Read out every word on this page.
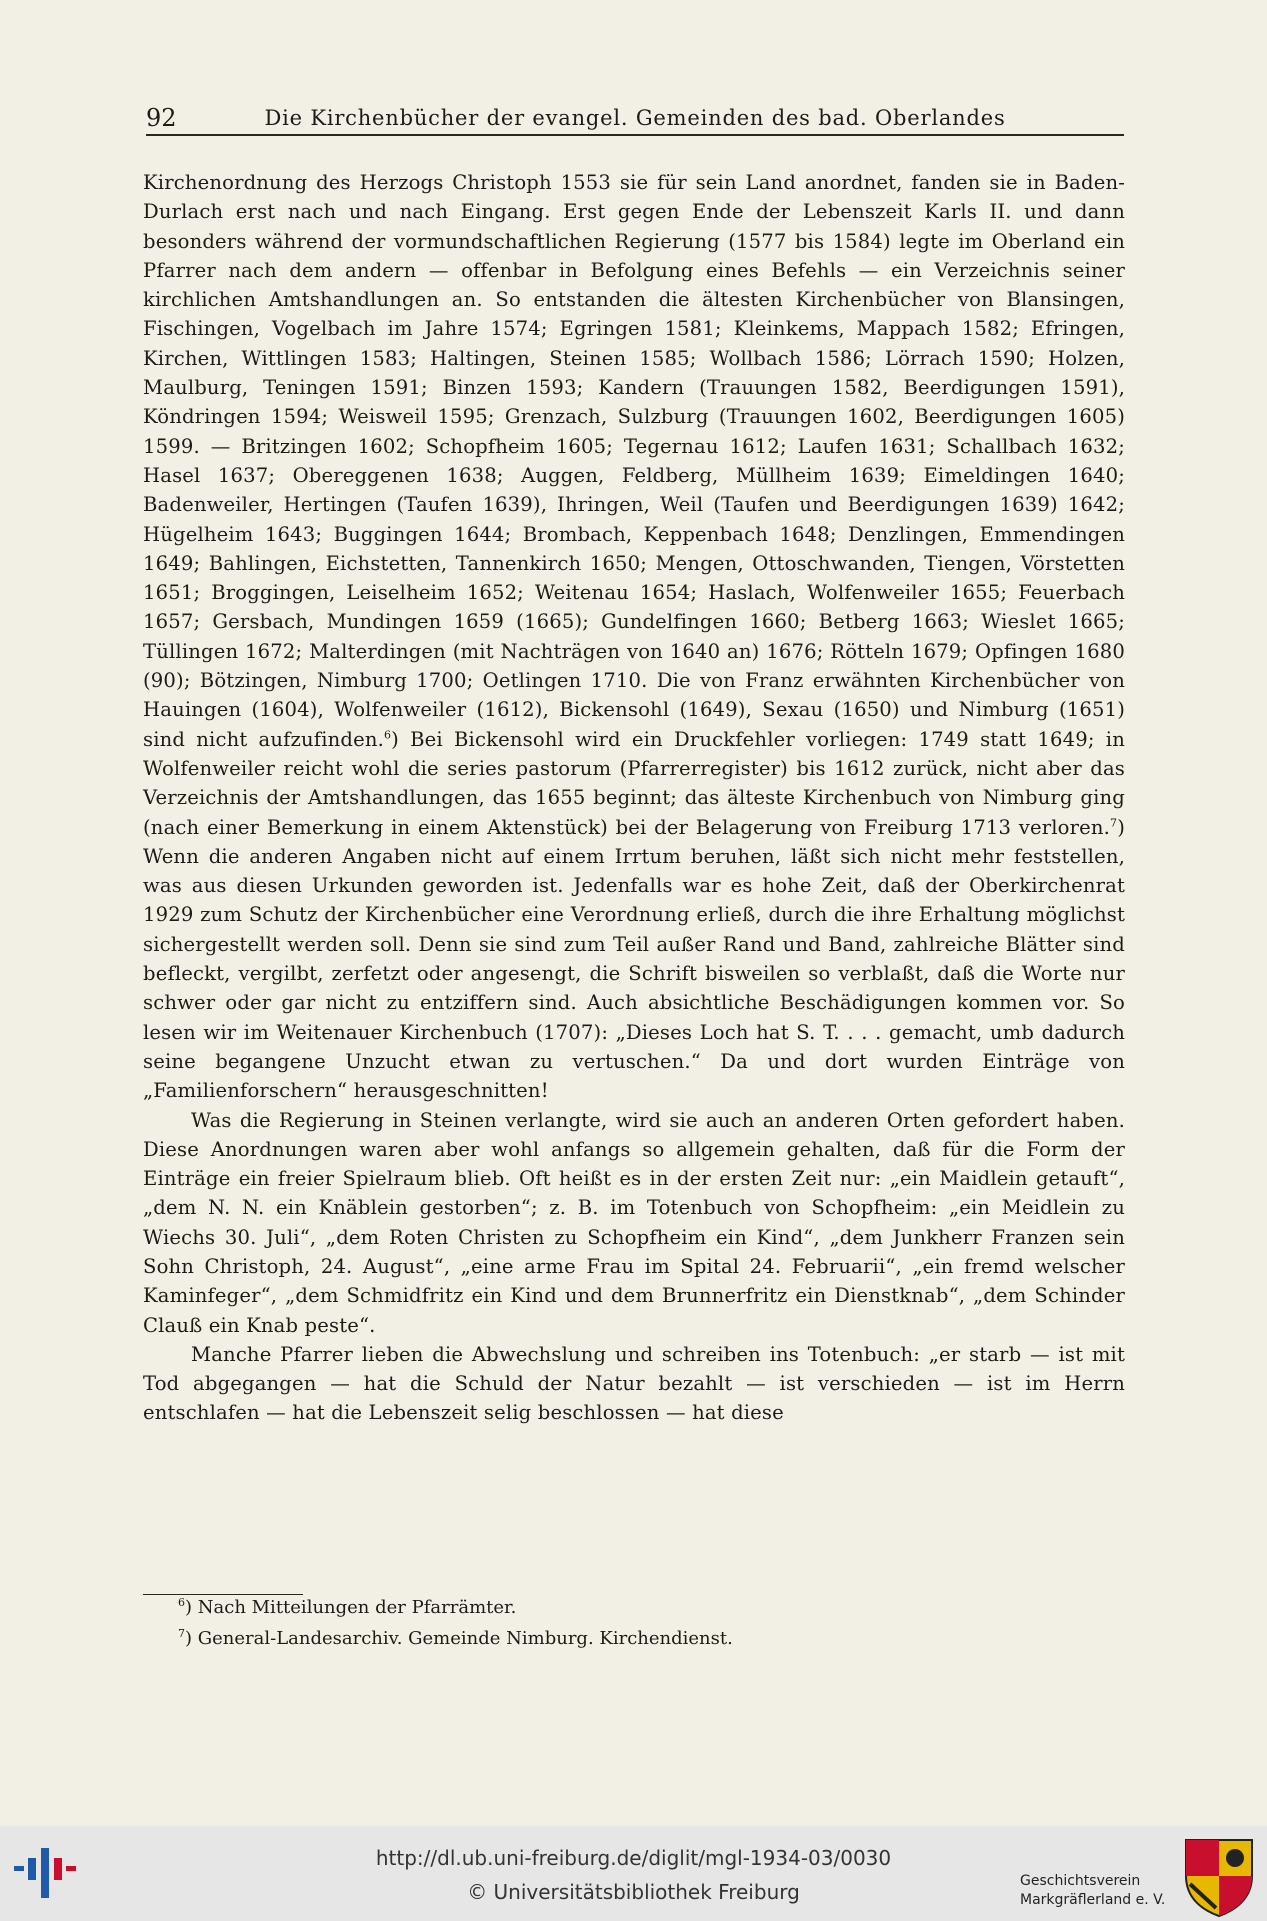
92	Die Kirchenbücher der evangel. Gemeinden des bad. Oberlandes

Kirchenordnung des Herzogs Christoph 1553 sie für sein Land anordnet, fanden sie in Baden-Durlach erst nach und nach Eingang. Erst gegen Ende der Lebenszeit Karls II. und dann besonders während der vormundschaftlichen Regierung (1577 bis 1584) legte im Oberland ein Pfarrer nach dem andern — offenbar in Befolgung eines Befehls — ein Verzeichnis seiner kirchlichen Amtshandlungen an. So entstanden die ältesten Kirchenbücher von Blansingen, Fischingen, Vogelbach im Jahre 1574; Egringen 1581; Kleinkems, Mappach 1582; Efringen, Kirchen, Wittlingen 1583; Haltingen, Steinen 1585; Wollbach 1586; Lörrach 1590; Holzen, Maulburg, Teningen 1591; Binzen 1593; Kandern (Trauungen 1582, Beerdigungen 1591), Köndringen 1594; Weisweil 1595; Grenzach, Sulzburg (Trauungen 1602, Beerdigungen 1605) 1599. — Britzingen 1602; Schopfheim 1605; Tegernau 1612; Laufen 1631; Schallbach 1632; Hasel 1637; Obereggenen 1638; Auggen, Feldberg, Müllheim 1639; Eimeldingen 1640; Badenweiler, Hertingen (Taufen 1639), Ihringen, Weil (Taufen und Beerdigungen 1639) 1642; Hügelheim 1643; Buggingen 1644; Brombach, Keppenbach 1648; Denzlingen, Emmendingen 1649; Bahlingen, Eichstetten, Tannenkirch 1650; Mengen, Ottoschwanden, Tiengen, Vörstetten 1651; Broggingen, Leiselheim 1652; Weitenau 1654; Haslach, Wolfenweiler 1655; Feuerbach 1657; Gersbach, Mundingen 1659 (1665); Gundelfingen 1660; Betberg 1663; Wieslet 1665; Tüllingen 1672; Malterdingen (mit Nachträgen von 1640 an) 1676; Rötteln 1679; Opfingen 1680 (90); Bötzingen, Nimburg 1700; Oetlingen 1710. Die von Franz erwähnten Kirchenbücher von Hauingen (1604), Wolfenweiler (1612), Bickensohl (1649), Sexau (1650) und Nimburg (1651) sind nicht aufzufinden.$^6$) Bei Bickensohl wird ein Druckfehler vorliegen: 1749 statt 1649; in Wolfenweiler reicht wohl die series pastorum (Pfarrerregister) bis 1612 zurück, nicht aber das Verzeichnis der Amtshandlungen, das 1655 beginnt; das älteste Kirchenbuch von Nimburg ging (nach einer Bemerkung in einem Aktenstück) bei der Belagerung von Freiburg 1713 verloren.$^7$) Wenn die anderen Angaben nicht auf einem Irrtum beruhen, läßt sich nicht mehr feststellen, was aus diesen Urkunden geworden ist. Jedenfalls war es hohe Zeit, daß der Oberkirchenrat 1929 zum Schutz der Kirchenbücher eine Verordnung erließ, durch die ihre Erhaltung möglichst sichergestellt werden soll. Denn sie sind zum Teil außer Rand und Band, zahlreiche Blätter sind befleckt, vergilbt, zerfetzt oder angesengt, die Schrift bisweilen so verblaßt, daß die Worte nur schwer oder gar nicht zu entziffern sind. Auch absichtliche Beschädigungen kommen vor. So lesen wir im Weitenauer Kirchenbuch (1707): „Dieses Loch hat S. T. . . . gemacht, umb dadurch seine begangene Unzucht etwan zu vertuschen.“ Da und dort wurden Einträge von „Familienforschern“ herausgeschnitten!

Was die Regierung in Steinen verlangte, wird sie auch an anderen Orten gefordert haben. Diese Anordnungen waren aber wohl anfangs so allgemein gehalten, daß für die Form der Einträge ein freier Spielraum blieb. Oft heißt es in der ersten Zeit nur: „ein Maidlein getauft“, „dem N. N. ein Knäblein gestorben“; z. B. im Totenbuch von Schopfheim: „ein Meidlein zu Wiechs 30. Juli“, „dem Roten Christen zu Schopfheim ein Kind“, „dem Junkherr Franzen sein Sohn Christoph, 24. August“, „eine arme Frau im Spital 24. Februarii“, „ein fremd welscher Kaminfeger“, „dem Schmidfritz ein Kind und dem Brunnerfritz ein Dienstknab“, „dem Schinder Clauß ein Knab peste“.

Manche Pfarrer lieben die Abwechslung und schreiben ins Totenbuch: „er starb — ist mit Tod abgegangen — hat die Schuld der Natur bezahlt — ist verschieden — ist im Herrn entschlafen — hat die Lebenszeit selig beschlossen — hat diese

$^6$) Nach Mitteilungen der Pfarrämter.
$^7$) General-Landesarchiv. Gemeinde Nimburg. Kirchendienst.
http://dl.ub.uni-freiburg.de/diglit/mgl-1934-03/0030
© Universitätsbibliothek Freiburg	Geschichtsverein
Markgräflerland e. V.
